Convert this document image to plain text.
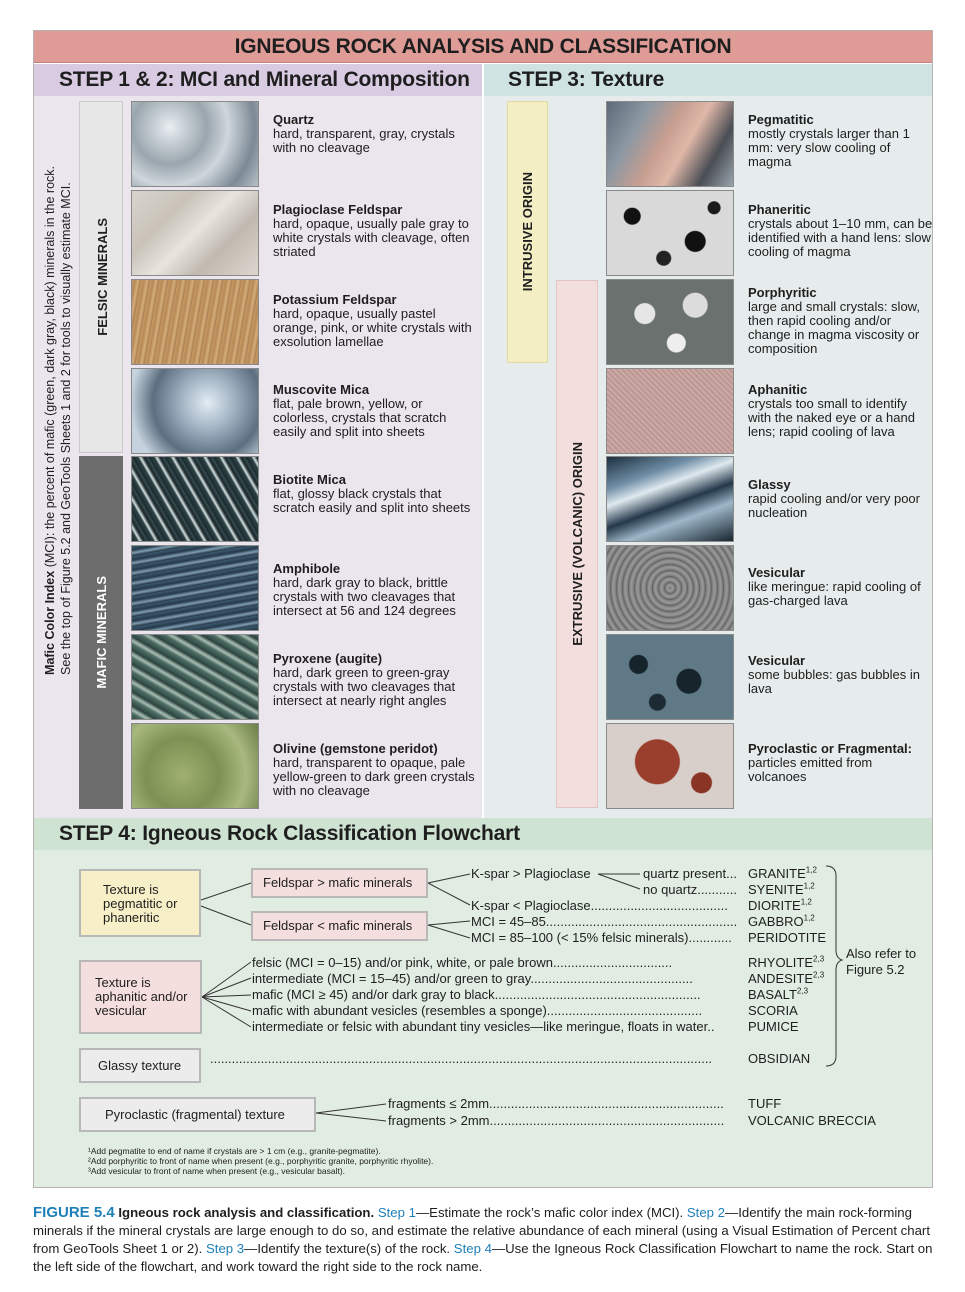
IGNEOUS ROCK ANALYSIS AND CLASSIFICATION
STEP 1 & 2: MCI and Mineral Composition	STEP 3: Texture
STEP 4: Igneous Rock Classification Flowchart
Mafic Color Index (MCI): the percent of mafic (green, dark gray, black) minerals in the rock. See the top of Figure 5.2 and GeoTools Sheets 1 and 2 for tools to visually estimate MCI. FELSIC MINERALS
MAFIC MINERALS
Quartz
hard, transparent, gray, crystals with no cleavage
Plagioclase Feldspar
hard, opaque, usually pale gray to white crystals with cleavage, often striated
Potassium Feldspar
hard, opaque, usually pastel orange, pink, or white crystals with exsolution lamellae
Muscovite Mica
flat, pale brown, yellow, or colorless, crystals that scratch easily and split into sheets
Biotite Mica
flat, glossy black crystals that scratch easily and split into sheets
Amphibole
hard, dark gray to black, brittle crystals with two cleavages that intersect at 56 and 124 degrees
Pyroxene (augite)
hard, dark green to green-gray crystals with two cleavages that intersect at nearly right angles
Olivine (gemstone peridot)
hard, transparent to opaque, pale yellow-green to dark green crystals with no cleavage
INTRUSIVE ORIGIN
EXTRUSIVE (VOLCANIC) ORIGIN
Pegmatitic
mostly crystals larger than 1 mm: very slow cooling of magma
Phaneritic
crystals about 1–10 mm, can be identified with a hand lens: slow cooling of magma
Porphyritic
large and small crystals: slow, then rapid cooling and/or change in magma viscosity or composition
Aphanitic
crystals too small to identify with the naked eye or a hand lens; rapid cooling of lava
Glassy
rapid cooling and/or very poor nucleation
Vesicular
like meringue: rapid cooling of gas-charged lava
Vesicular
some bubbles: gas bubbles in lava
Pyroclastic or Fragmental:
particles emitted from volcanoes
Texture is pegmatitic or phaneritic
Feldspar > mafic minerals
Feldspar < mafic minerals
Texture is aphanitic and/or vesicular
Glassy texture
Pyroclastic (fragmental) texture
K-spar > Plagioclase	quartz present...
no quartz...........
K-spar < Plagioclase......................................
MCI = 45–85.....................................................
MCI = 85–100 (< 15% felsic minerals)............
felsic (MCI = 0–15) and/or pink, white, or pale brown.................................
intermediate (MCI = 15–45) and/or green to gray.............................................
mafic (MCI ≥ 45) and/or dark gray to black.........................................................
mafic with abundant vesicles (resembles a sponge)...........................................
intermediate or felsic with abundant tiny vesicles—like meringue, floats in water..
...........................................................................................................................................
fragments ≤ 2mm.................................................................
fragments > 2mm.................................................................
GRANITE$^{1,2}$
SYENITE$^{1,2}$
DIORITE$^{1,2}$
GABBRO$^{1,2}$
PERIDOTITE
RHYOLITE$^{2,3}$
ANDESITE$^{2,3}$
BASALT$^{2,3}$
SCORIA
PUMICE
OBSIDIAN
TUFF
VOLCANIC BRECCIA
Also refer to Figure 5.2
¹Add pegmatite to end of name if crystals are > 1 cm (e.g., granite-pegmatite).
²Add porphyritic to front of name when present (e.g., porphyritic granite, porphyritic rhyolite).
³Add vesicular to front of name when present (e.g., vesicular basalt).
FIGURE 5.4 Igneous rock analysis and classification. Step 1—Estimate the rock’s mafic color index (MCI). Step 2—Identify the main rock-forming minerals if the mineral crystals are large enough to do so, and estimate the relative abundance of each mineral (using a Visual Estimation of Percent chart from GeoTools Sheet 1 or 2). Step 3—Identify the texture(s) of the rock. Step 4—Use the Igneous Rock Classification Flowchart to name the rock. Start on the left side of the flowchart, and work toward the right side to the rock name.
